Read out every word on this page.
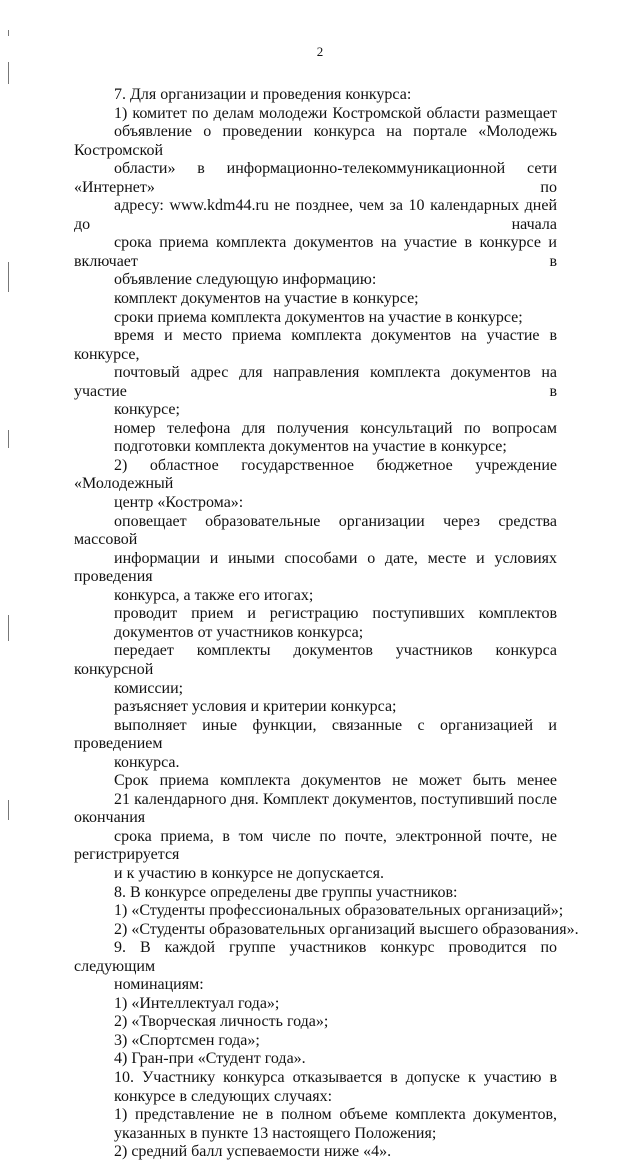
2
7. Для организации и проведения конкурса:
1) комитет по делам молодежи Костромской области размещает
объявление о проведении конкурса на портале «Молодежь Костромской
области» в информационно-телекоммуникационной сети «Интернет» по
адресу: www.kdm44.ru не позднее, чем за 10 календарных дней до начала
срока приема комплекта документов на участие в конкурсе и включает в
объявление следующую информацию:
комплект документов на участие в конкурсе;
сроки приема комплекта документов на участие в конкурсе;
время и место приема комплекта документов на участие в конкурсе,
почтовый адрес для направления комплекта документов на участие в
конкурсе;
номер телефона для получения консультаций по вопросам
подготовки комплекта документов на участие в конкурсе;
2) областное государственное бюджетное учреждение «Молодежный
центр «Кострома»:
оповещает образовательные организации через средства массовой
информации и иными способами о дате, месте и условиях проведения
конкурса, а также его итогах;
проводит прием и регистрацию поступивших комплектов
документов от участников конкурса;
передает комплекты документов участников конкурса конкурсной
комиссии;
разъясняет условия и критерии конкурса;
выполняет иные функции, связанные с организацией и проведением
конкурса.
Срок приема комплекта документов не может быть менее
21 календарного дня. Комплект документов, поступивший после окончания
срока приема, в том числе по почте, электронной почте, не регистрируется
и к участию в конкурсе не допускается.
8. В конкурсе определены две группы участников:
1) «Студенты профессиональных образовательных организаций»;
2) «Студенты образовательных организаций высшего образования».
9. В каждой группе участников конкурс проводится по следующим
номинациям:
1) «Интеллектуал года»;
2) «Творческая личность года»;
3) «Спортсмен года»;
4) Гран-при «Студент года».
10. Участнику конкурса отказывается в допуске к участию в
конкурсе в следующих случаях:
1) представление не в полном объеме комплекта документов,
указанных в пункте 13 настоящего Положения;
2) средний балл успеваемости ниже «4».
